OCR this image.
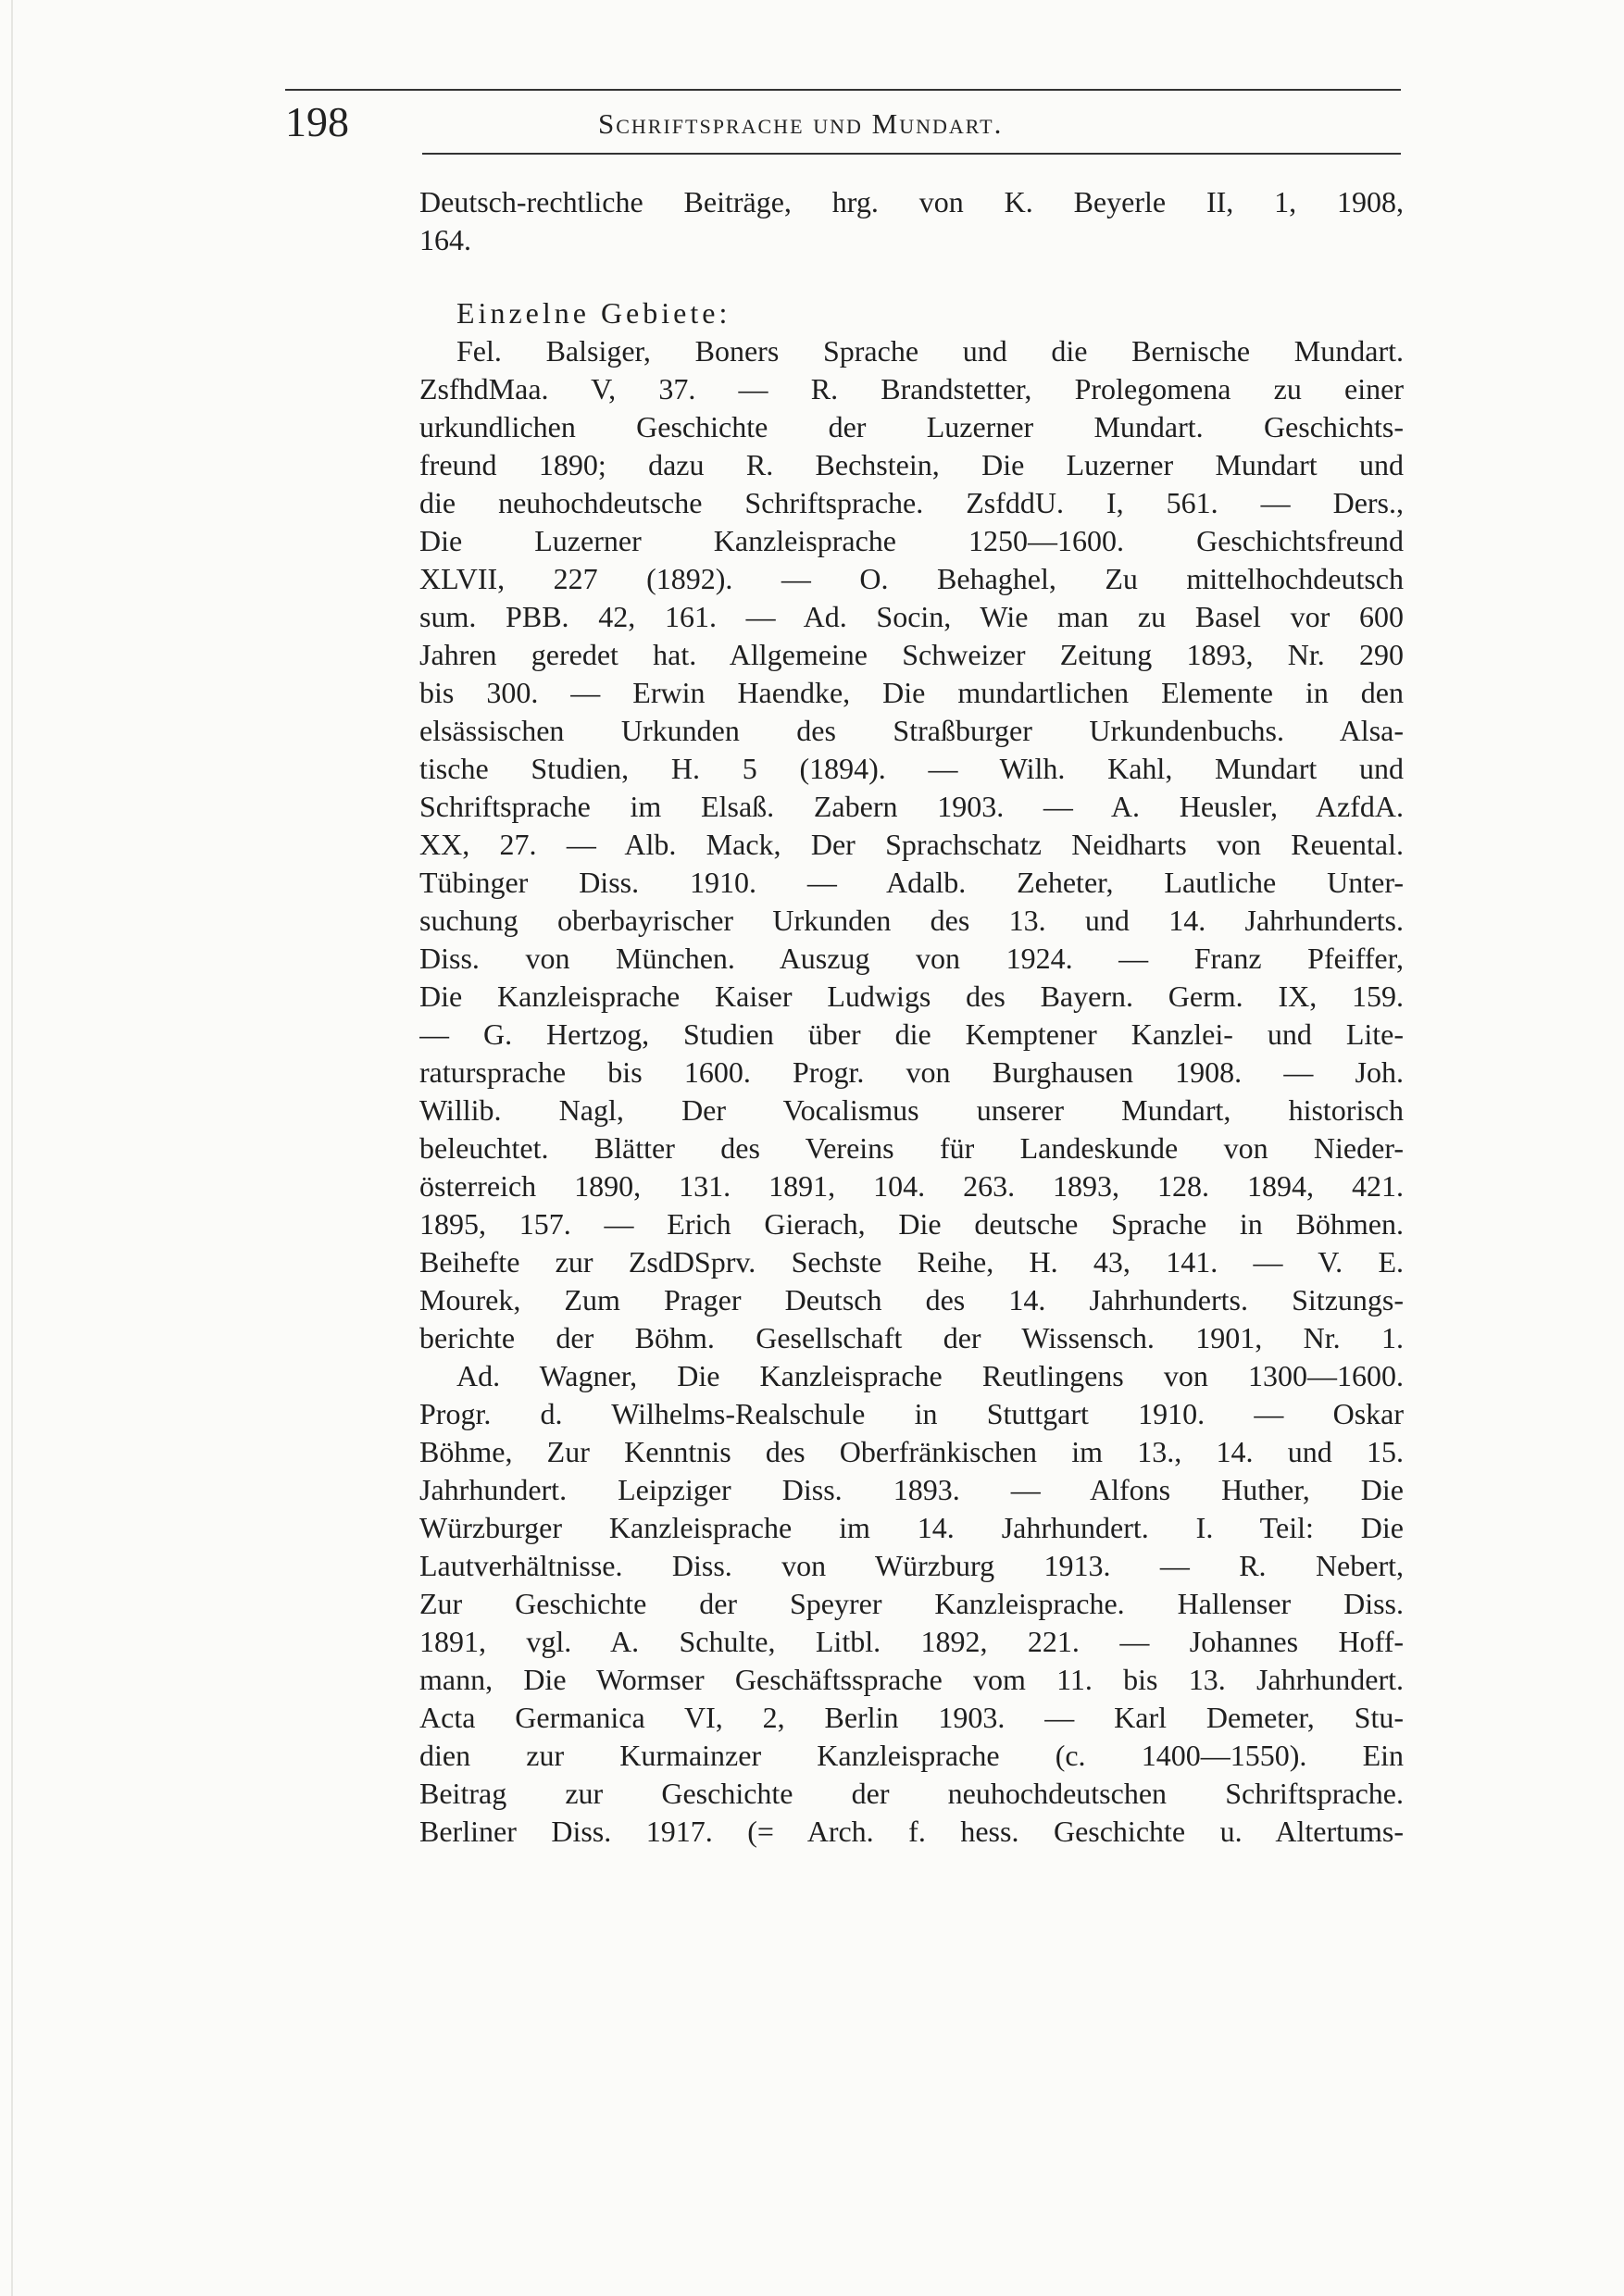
198	Schriftsprache und Mundart.
Deutsch-rechtliche Beiträge, hrg. von K. Beyerle II, 1, 1908,
164.
Einzelne Gebiete:
Fel. Balsiger, Boners Sprache und die Bernische Mundart.
ZsfhdMaa. V, 37. — R. Brandstetter, Prolegomena zu einer
urkundlichen Geschichte der Luzerner Mundart. Geschichts-
freund 1890; dazu R. Bechstein, Die Luzerner Mundart und
die neuhochdeutsche Schriftsprache. ZsfddU. I, 561. — Ders.,
Die Luzerner Kanzleisprache 1250—1600. Geschichtsfreund
XLVII, 227 (1892). — O. Behaghel, Zu mittelhochdeutsch
sum. PBB. 42, 161. — Ad. Socin, Wie man zu Basel vor 600
Jahren geredet hat. Allgemeine Schweizer Zeitung 1893, Nr. 290
bis 300. — Erwin Haendke, Die mundartlichen Elemente in den
elsässischen Urkunden des Straßburger Urkundenbuchs. Alsa-
tische Studien, H. 5 (1894). — Wilh. Kahl, Mundart und
Schriftsprache im Elsaß. Zabern 1903. — A. Heusler, AzfdA.
XX, 27. — Alb. Mack, Der Sprachschatz Neidharts von Reuental.
Tübinger Diss. 1910. — Adalb. Zeheter, Lautliche Unter-
suchung oberbayrischer Urkunden des 13. und 14. Jahrhunderts.
Diss. von München. Auszug von 1924. — Franz Pfeiffer,
Die Kanzleisprache Kaiser Ludwigs des Bayern. Germ. IX, 159.
— G. Hertzog, Studien über die Kemptener Kanzlei- und Lite-
ratursprache bis 1600. Progr. von Burghausen 1908. — Joh.
Willib. Nagl, Der Vocalismus unserer Mundart, historisch
beleuchtet. Blätter des Vereins für Landeskunde von Nieder-
österreich 1890, 131. 1891, 104. 263. 1893, 128. 1894, 421.
1895, 157. — Erich Gierach, Die deutsche Sprache in Böhmen.
Beihefte zur ZsdDSprv. Sechste Reihe, H. 43, 141. — V. E.
Mourek, Zum Prager Deutsch des 14. Jahrhunderts. Sitzungs-
berichte der Böhm. Gesellschaft der Wissensch. 1901, Nr. 1.
Ad. Wagner, Die Kanzleisprache Reutlingens von 1300—1600.
Progr. d. Wilhelms-Realschule in Stuttgart 1910. — Oskar
Böhme, Zur Kenntnis des Oberfränkischen im 13., 14. und 15.
Jahrhundert. Leipziger Diss. 1893. — Alfons Huther, Die
Würzburger Kanzleisprache im 14. Jahrhundert. I. Teil: Die
Lautverhältnisse. Diss. von Würzburg 1913. — R. Nebert,
Zur Geschichte der Speyrer Kanzleisprache. Hallenser Diss.
1891, vgl. A. Schulte, Litbl. 1892, 221. — Johannes Hoff-
mann, Die Wormser Geschäftssprache vom 11. bis 13. Jahrhundert.
Acta Germanica VI, 2, Berlin 1903. — Karl Demeter, Stu-
dien zur Kurmainzer Kanzleisprache (c. 1400—1550). Ein
Beitrag zur Geschichte der neuhochdeutschen Schriftsprache.
Berliner Diss. 1917. (= Arch. f. hess. Geschichte u. Altertums-
